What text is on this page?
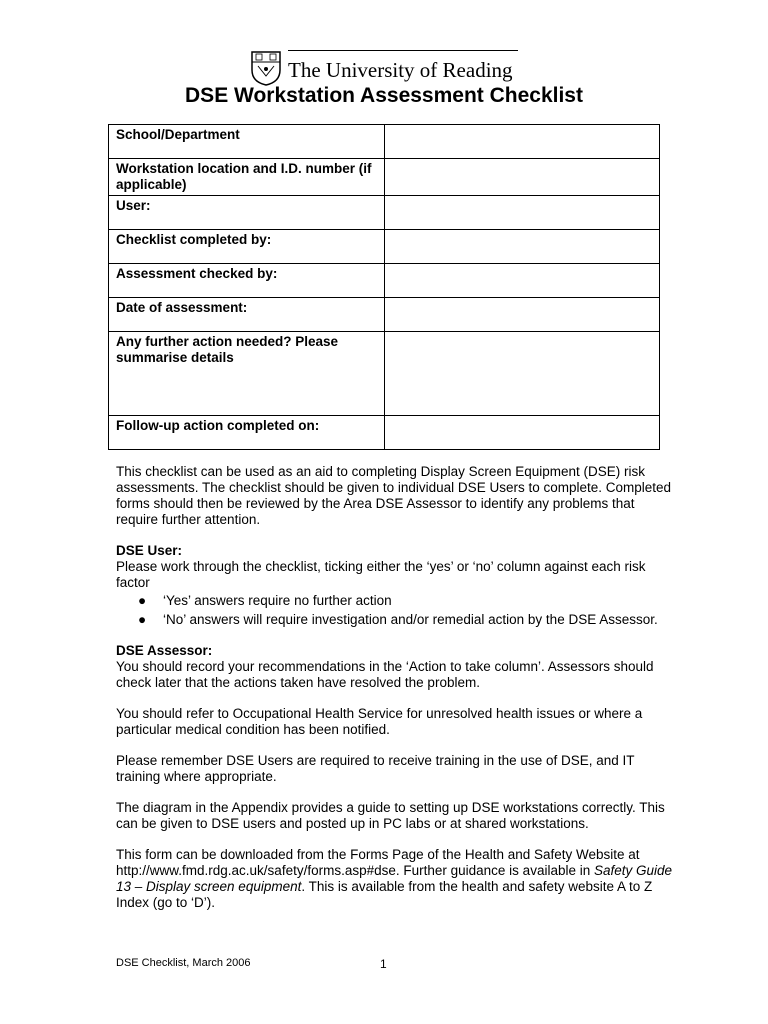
The University of Reading
DSE Workstation Assessment Checklist
School/Department	
Workstation location and I.D. number (if applicable)	
User:	
Checklist completed by:	
Assessment checked by:	
Date of assessment:	
Any further action needed? Please summarise details	
Follow-up action completed on:	

This checklist can be used as an aid to completing Display Screen Equipment (DSE) risk assessments. The checklist should be given to individual DSE Users to complete. Completed forms should then be reviewed by the Area DSE Assessor to identify any problems that require further attention.

DSE User:

Please work through the checklist, ticking either the ‘yes’ or ‘no’ column against each risk factor

● ‘Yes’ answers require no further action
● ‘No’ answers will require investigation and/or remedial action by the DSE Assessor.

DSE Assessor:

You should record your recommendations in the ‘Action to take column’. Assessors should check later that the actions taken have resolved the problem.

You should refer to Occupational Health Service for unresolved health issues or where a particular medical condition has been notified.

Please remember DSE Users are required to receive training in the use of DSE, and IT training where appropriate.

The diagram in the Appendix provides a guide to setting up DSE workstations correctly. This can be given to DSE users and posted up in PC labs or at shared workstations.

This form can be downloaded from the Forms Page of the Health and Safety Website at http://www.fmd.rdg.ac.uk/safety/forms.asp#dse. Further guidance is available in Safety Guide 13 – Display screen equipment. This is available from the health and safety website A to Z Index (go to ‘D’).

DSE Checklist, March 2006	1
